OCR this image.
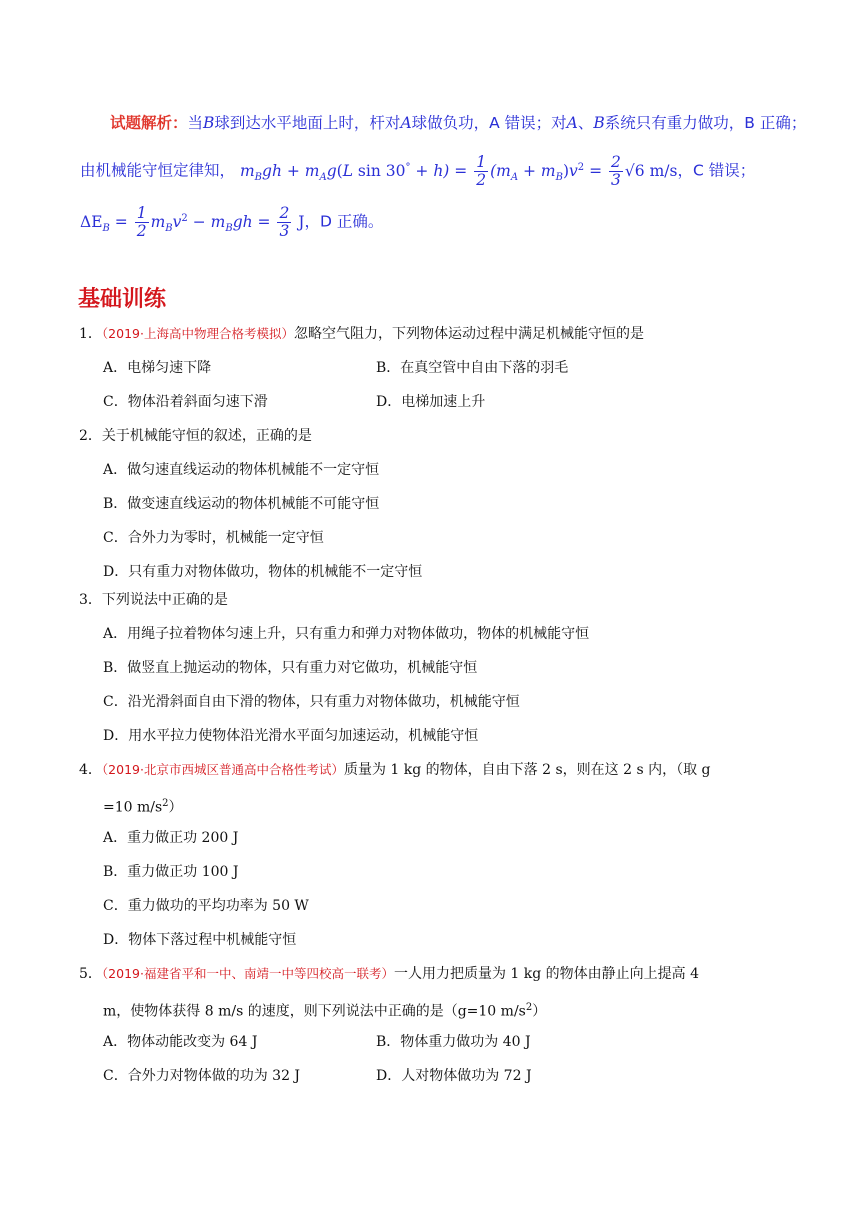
试题解析：当B球到达水平地面上时，杆对A球做负功，A 错误；对A、B系统只有重力做功，B 正确；
由机械能守恒定律知， $m_Bgh + m_Ag(L$ $\sin 30^\circ + h) = \frac{1}{2} (m_A + m_B)v^2 = \frac{2}{3} √6$ m/s，C 错误；
$\Delta E_B = \frac{1}{2} m_Bv^2 - m_Bgh = \frac{2}{3}$ J，D 正确。
基础训练
1．（2019·上海高中物理合格考模拟）忽略空气阻力，下列物体运动过程中满足机械能守恒的是
A．电梯匀速下降	B．在真空管中自由下落的羽毛
C．物体沿着斜面匀速下滑	D．电梯加速上升
2．关于机械能守恒的叙述，正确的是
A．做匀速直线运动的物体机械能不一定守恒
B．做变速直线运动的物体机械能不可能守恒
C．合外力为零时，机械能一定守恒
D．只有重力对物体做功，物体的机械能不一定守恒
3．下列说法中正确的是
A．用绳子拉着物体匀速上升，只有重力和弹力对物体做功，物体的机械能守恒
B．做竖直上抛运动的物体，只有重力对它做功，机械能守恒
C．沿光滑斜面自由下滑的物体，只有重力对物体做功，机械能守恒
D．用水平拉力使物体沿光滑水平面匀加速运动，机械能守恒
4．（2019·北京市西城区普通高中合格性考试）质量为 1 kg 的物体，自由下落 2 s，则在这 2 s 内，（取 g
=10 $m/s^2$）
A．重力做正功 200 J
B．重力做正功 100 J
C．重力做功的平均功率为 50 W
D．物体下落过程中机械能守恒
5．（2019·福建省平和一中、南靖一中等四校高一联考）一人用力把质量为 1 kg 的物体由静止向上提高 4
m，使物体获得 8 m/s 的速度，则下列说法中正确的是（g=10 $m/s^2$）
A．物体动能改变为 64 J	B．物体重力做功为 40 J
C．合外力对物体做的功为 32 J	D．人对物体做功为 72 J
